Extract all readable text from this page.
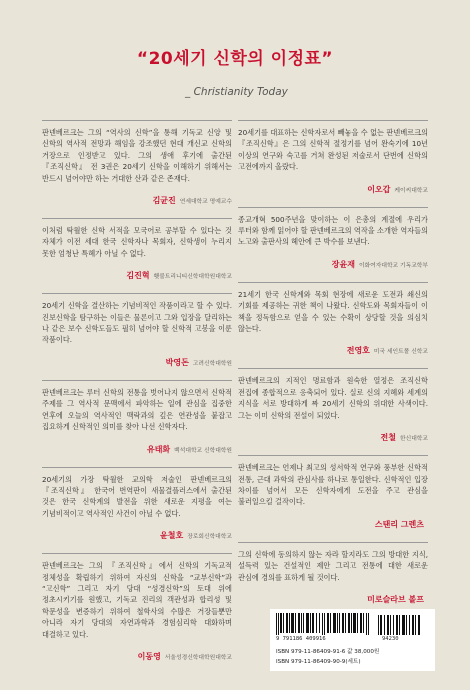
“20세기 신학의 이정표”
_ Christianity Today
판넨베르크는 그의 “역사의 신학”을 통해 기독교 신앙 및 신학의 역사적 전망과 해임을 강조했던 현대 개신교 신학의 거장으로 인정받고 있다. 그의 생애 후기에 출간된 『조직신학』 전 3권은 20세기 신학을 이해하기 위해서는 반드시 넘어야만 하는 거대한 산과 같은 존재다.
김균진 연세대학교 명예교수
이처럼 탁월한 신학 서적을 모국어로 공부할 수 있다는 것 자체가 이전 세대 한국 신학자나 목회자, 신학생이 누리지 못한 엄청난 특혜가 아닐 수 없다.
김진혁 횃불트리니티신학대학원대학교
20세기 신학을 결산하는 기념비적인 작품이라고 할 수 있다. 진보신학을 탐구하는 이들은 물론이고 그와 입장을 달리하는 나 같은 보수 신학도들도 필히 넘어야 할 신학적 고봉을 이룬 작품이다.
박영돈 고려신학대학원
판넨베르크는 루터 신학의 전통을 벗어나지 않으면서 신학적 주제를 그 역사적 문맥에서 파악하는 일에 관심을 집중한 연후에 오늘의 역사적인 맥락과의 깊은 연관성을 붙잡고 집요하게 신학적인 의미를 찾아 나선 신학자다.
유태화 백석대학교 신학대학원
20세기의 가장 탁월한 교의학 저술인 판넨베르크의 『조직신학』 한국어 번역판이 새물결플러스에서 출간된 것은 한국 신학계의 발전을 위한 새로운 지평을 여는 기념비적이고 역사적인 사건이 아닐 수 없다.
윤철호 장로회신학대학교
판넨베르크는 그의 『조직신학』에서 신학의 기독교적 정체성을 확립하기 위하여 자신의 신학을 “교부신학”과 “고신학” 그리고 자기 당대 “성경신학”의 토대 위에 정초시키기를 원했고, 기독교 진리의 객관성과 합리성 및 학문성을 변증하기 위하여 철학사의 수많은 거장들뿐만 아니라 자기 당대의 자연과학과 경험심리학 대화하며 대결하고 있다.
이동영 서울성경신학대학원대학교
20세기를 대표하는 신학자로서 빼놓을 수 없는 판넨베르크의 『조직신학』은 그의 신학적 절정기를 넘어 완숙기에 10년 이상의 연구와 숙고를 거쳐 완성된 저술로서 단번에 신학의 고전에까지 올랐다.
이오갑 케이씨대학교
종교개혁 500주년을 맞이하는 이 은총의 계절에 우리가 루터와 함께 읽어야 할 판넨베르크의 역작을 소개한 역자들의 노고와 출판사의 헤안에 큰 박수를 보낸다.
장윤재 이화여자대학교 기독교학부
21세기 한국 신학계와 목회 현장에 새로운 도전과 쇄신의 기회를 제공하는 귀한 책이 나왔다. 신학도와 목회자들이 이 책을 정독함으로 얻을 수 있는 수확이 상당할 것을 의심치 않는다.
전영호 미국 세인트폴 신학교
판넨베르크의 지적인 명료함과 원숙한 열정은 조직신학 전집에 종합적으로 응축되어 있다. 실로 신의 지혜와 세계의 지식을 서로 방대하게 짜 20세기 신학의 위대한 사색이다. 그는 이미 신학의 전설이 되었다.
전철 한신대학교
판넨베르크는 언제나 최고의 성서학적 연구와 풍부한 신학적 전통, 근대 과학의 관심사를 하나로 통일한다. 신학적인 입장 차이를 넘어서 모든 신학자에게 도전을 주고 관심을 불러일으킬 걸작이다.
스탠리 그렌츠
그의 신학에 동의하지 않는 자라 할지라도 그의 방대한 지식, 설득력 있는 건설적인 제안 그리고 전통에 대한 새로운 관심에 경의를 표하게 될 것이다.
미로슬라브 볼프
9 791186 409916	94230
ISBN 979-11-86409-91-6 값 38,000원
ISBN 979-11-86409-90-9(세트)
